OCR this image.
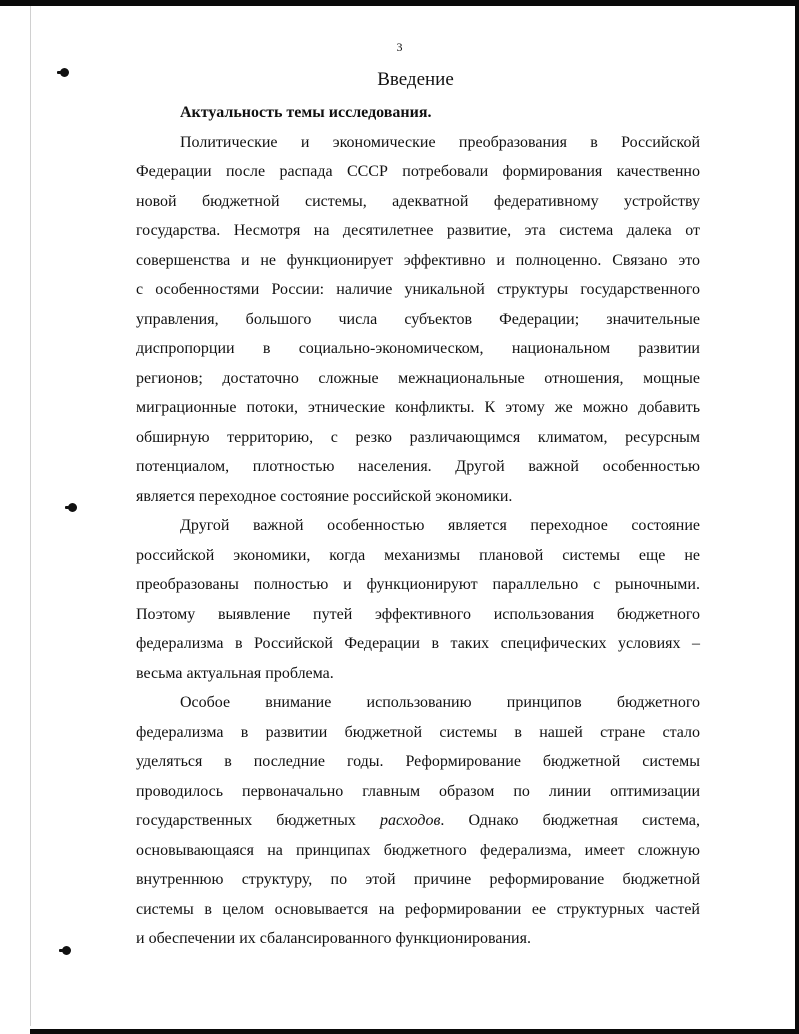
3
Введение

Актуальность темы исследования.

Политические и экономические преобразования в Российской
Федерации после распада СССР потребовали формирования качественно
новой бюджетной системы, адекватной федеративному устройству
государства. Несмотря на десятилетнее развитие, эта система далека от
совершенства и не функционирует эффективно и полноценно. Связано это
с особенностями России: наличие уникальной структуры государственного
управления, большого числа субъектов Федерации; значительные
диспропорции в социально-экономическом, национальном развитии
регионов; достаточно сложные межнациональные отношения, мощные
миграционные потоки, этнические конфликты. К этому же можно добавить
обширную территорию, с резко различающимся климатом, ресурсным
потенциалом, плотностью населения. Другой важной особенностью
является переходное состояние российской экономики.
Другой важной особенностью является переходное состояние
российской экономики, когда механизмы плановой системы еще не
преобразованы полностью и функционируют параллельно с рыночными.
Поэтому выявление путей эффективного использования бюджетного
федерализма в Российской Федерации в таких специфических условиях –
весьма актуальная проблема.
Особое внимание использованию принципов бюджетного
федерализма в развитии бюджетной системы в нашей стране стало
уделяться в последние годы. Реформирование бюджетной системы
проводилось первоначально главным образом по линии оптимизации
государственных бюджетных расходов. Однако бюджетная система,
основывающаяся на принципах бюджетного федерализма, имеет сложную
внутреннюю структуру, по этой причине реформирование бюджетной
системы в целом основывается на реформировании ее структурных частей
и обеспечении их сбалансированного функционирования.
